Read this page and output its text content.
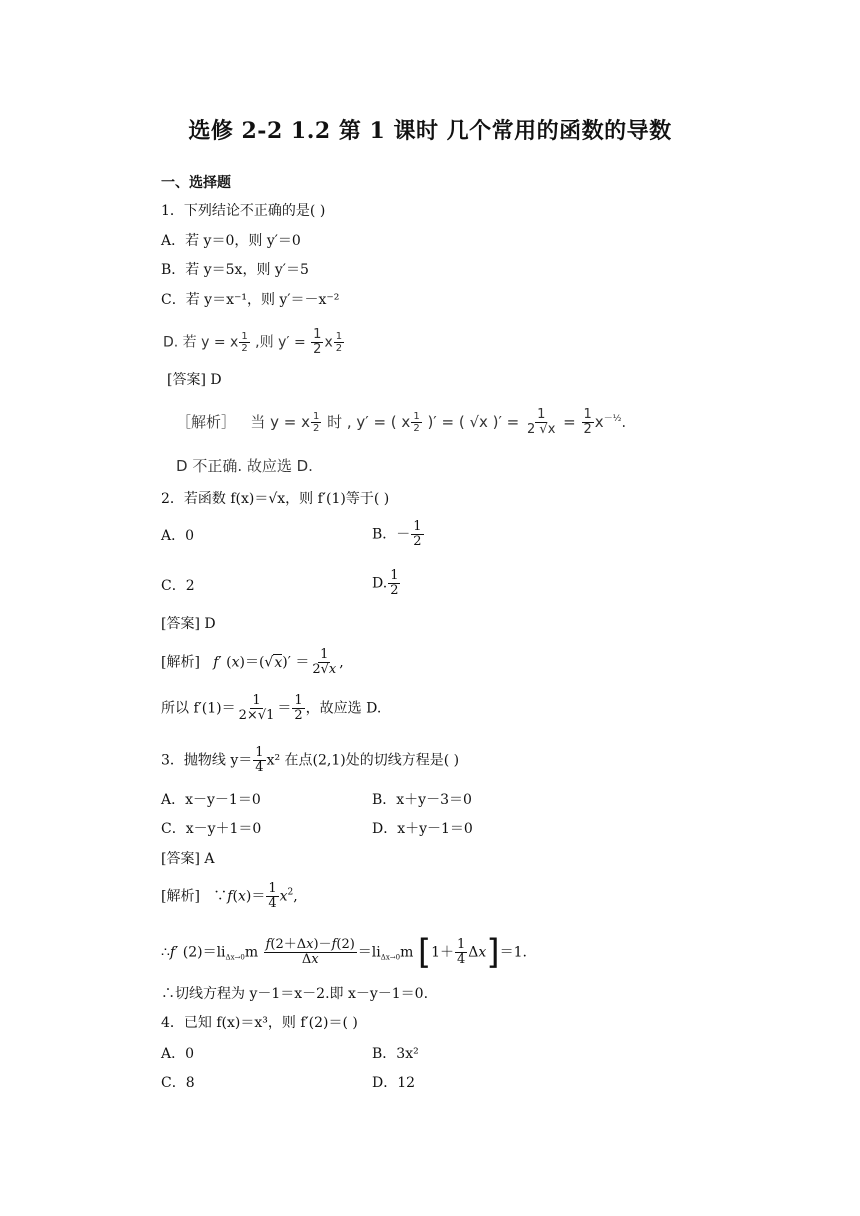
选修 2-2 1.2 第 1 课时 几个常用的函数的导数
一、选择题
1．下列结论不正确的是( )
A．若 y＝0，则 y′＝0
B．若 y＝5x，则 y′＝5
C．若 y＝x⁻¹，则 y′＝－x⁻²
D. 若 y = x $\frac{1}{2}$ ,则 $y' = \frac{1}{2}$ x $\frac{1}{2}$
[答案] D
［解析］ 当 y = x $\frac{1}{2}$ 时 , y′ = ( x $\frac{1}{2}$ )′ = ( √x )′ = $\frac{1}{2 √x} = \frac{1}{2} x^{-\frac{1}{2}}$.
D 不正确. 故应选 D.
2．若函数 f(x)＝√x，则 f′(1)等于( )
A．0	B．－ $\frac{1}{2}$
C．2	D. $\frac{1}{2}$
[答案] D
[解析] f′ $(x)=(√x)' = \frac{1}{2√x}$ ,
所以 $f'(1)= \frac{1}{2\times√1} = \frac{1}{2}$ ，故应选 D.
3．抛物线 $y= \frac{1}{4} x^2$ 在点(2,1)处的切线方程是( )
A．x－y－1＝0	B．x＋y－3＝0
C．x－y＋1＝0	D．x＋y－1＝0
[答案] A
[解析]   ∵f(x)＝ $\frac{1}{4} x^2$,
∴f′ $(2)=li_{\Delta x\to 0}m \frac{f(2+\Delta x)-f(2)}{\Delta x} =li_{\Delta x\to 0}m$ $[1+ \frac{1}{4} \Delta x]=1$.
∴切线方程为 y－1＝x－2.即 x－y－1＝0.
4．已知 f(x)＝x³，则 f′(2)＝( )
A．0	B．3x²
C．8	D．12
